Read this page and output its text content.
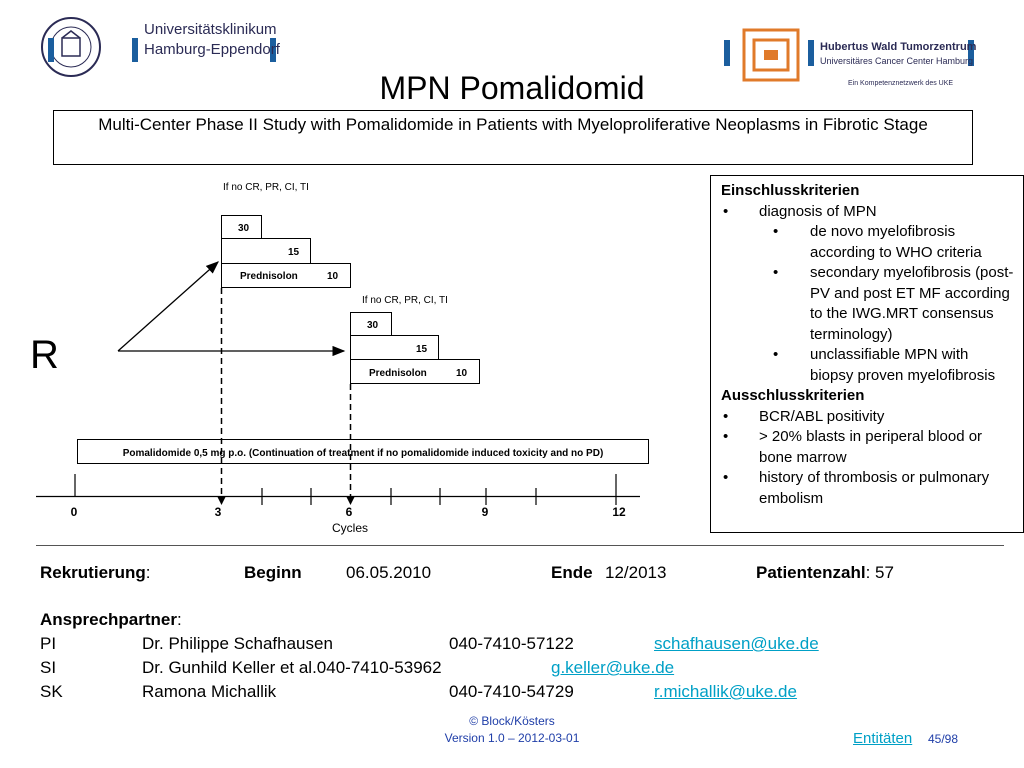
Universitätsklinikum
Hamburg-Eppendorf	Hubertus Wald Tumorzentrum
Universitäres Cancer Center Hamburg
Ein Kompetenznetzwerk des UKE
MPN Pomalidomid
Multi-Center Phase II Study with Pomalidomide in Patients with Myeloproliferative Neoplasms in Fibrotic Stage
R
If no CR, PR, CI, TI
30
15
Prednisolon	10
If no CR, PR, CI, TI
30
15
Prednisolon	10
Pomalidomide 0,5 mg p.o. (Continuation of treatment if no pomalidomide induced toxicity and no PD)
0	3	6	9	12
Cycles
Einschlusskriterien
• diagnosis of MPN
• de novo myelofibrosis according to WHO criteria
• secondary myelofibrosis (post-PV and post ET MF according to the IWG.MRT consensus terminology)
• unclassifiable MPN with biopsy proven myelofibrosis
Ausschlusskriterien
• BCR/ABL positivity
• > 20% blasts in periperal blood or bone marrow
• history of thrombosis or pulmonary embolism
Rekrutierung:	Beginn	06.05.2010	Ende 12/2013	Patientenzahl: 57
Ansprechpartner:
PI	Dr. Philippe Schafhausen	040-7410-57122	schafhausen@uke.de
SI	Dr. Gunhild Keller et al.040-7410-53962	g.keller@uke.de
SK	Ramona Michallik	040-7410-54729	r.michallik@uke.de
© Block/Kösters
Version 1.0 – 2012-03-01	Entitäten 45/98
